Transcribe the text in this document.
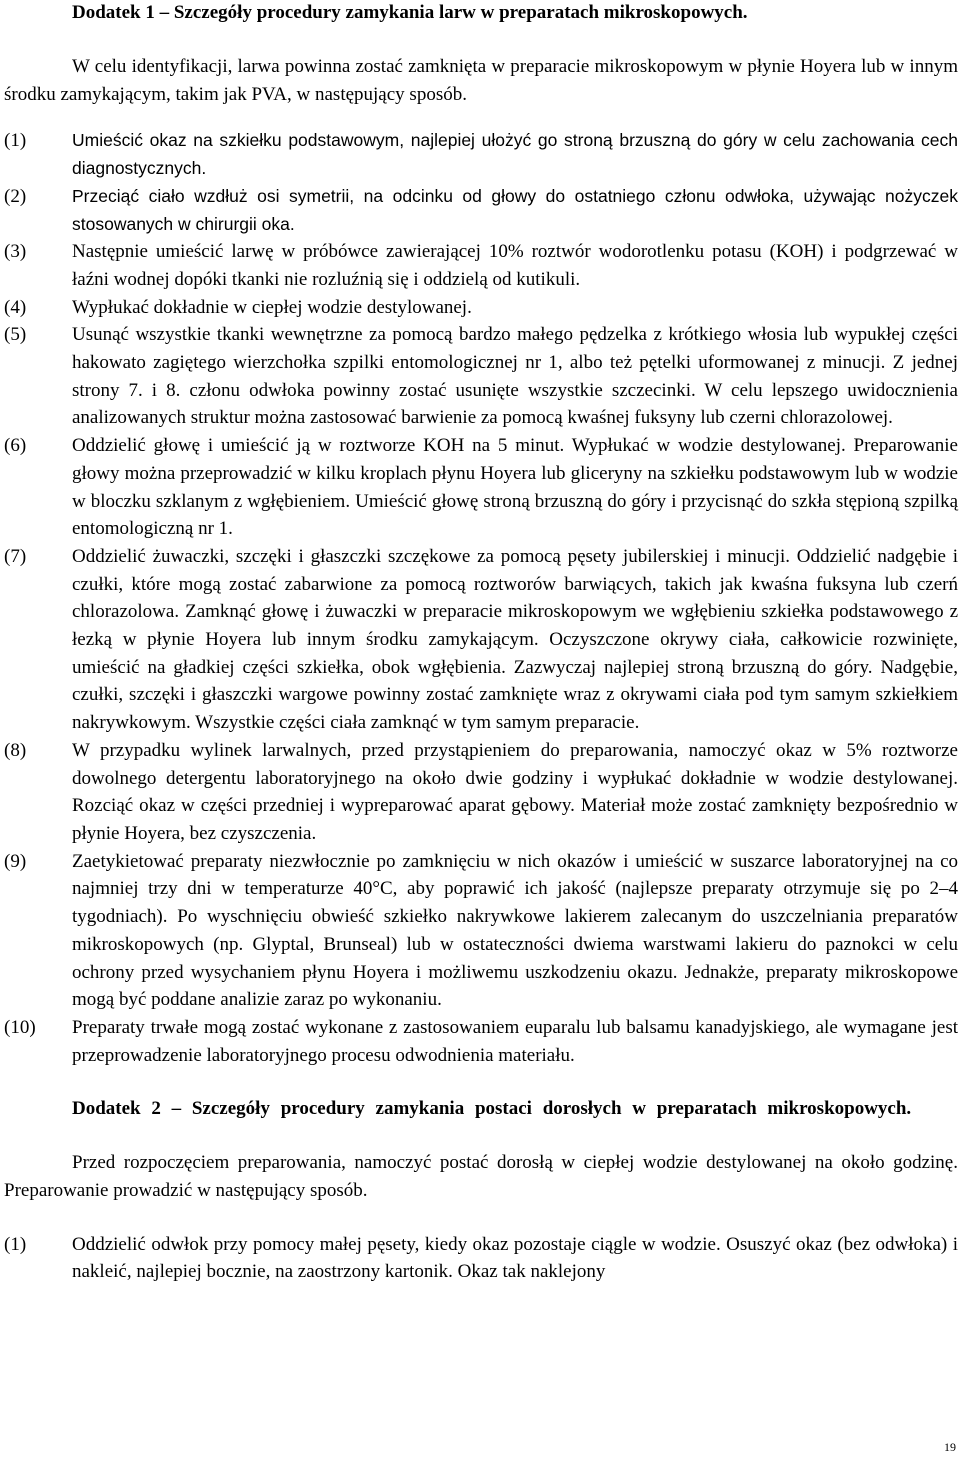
Dodatek 1 – Szczegóły procedury zamykania larw w preparatach mikroskopowych.

W celu identyfikacji, larwa powinna zostać zamknięta w preparacie mikroskopowym w płynie Hoyera lub w innym środku zamykającym, takim jak PVA, w następujący sposób.

(1)	Umieścić okaz na szkiełku podstawowym, najlepiej ułożyć go stroną brzuszną do góry w celu zachowania cech diagnostycznych.
(2)	Przeciąć ciało wzdłuż osi symetrii, na odcinku od głowy do ostatniego członu odwłoka, używając nożyczek stosowanych w chirurgii oka.
(3) Następnie umieścić larwę w próbówce zawierającej 10% roztwór wodorotlenku potasu (KOH) i podgrzewać w łaźni wodnej dopóki tkanki nie rozluźnią się i oddzielą od kutikuli.
(4) Wypłukać dokładnie w ciepłej wodzie destylowanej.
(5) Usunąć wszystkie tkanki wewnętrzne za pomocą bardzo małego pędzelka z krótkiego włosia lub wypukłej części hakowato zagiętego wierzchołka szpilki entomologicznej nr 1, albo też pętelki uformowanej z minucji. Z jednej strony 7. i 8. członu odwłoka powinny zostać usunięte wszystkie szczecinki. W celu lepszego uwidocznienia analizowanych struktur można zastosować barwienie za pomocą kwaśnej fuksyny lub czerni chlorazolowej.
(6) Oddzielić głowę i umieścić ją w roztworze KOH na 5 minut. Wypłukać w wodzie destylowanej. Preparowanie głowy można przeprowadzić w kilku kroplach płynu Hoyera lub gliceryny na szkiełku podstawowym lub w wodzie w bloczku szklanym z wgłębieniem. Umieścić głowę stroną brzuszną do góry i przycisnąć do szkła stępioną szpilką entomologiczną nr 1.
(7) Oddzielić żuwaczki, szczęki i głaszczki szczękowe za pomocą pęsety jubilerskiej i minucji. Oddzielić nadgębie i czułki, które mogą zostać zabarwione za pomocą roztworów barwiących, takich jak kwaśna fuksyna lub czerń chlorazolowa. Zamknąć głowę i żuwaczki w preparacie mikroskopowym we wgłębieniu szkiełka podstawowego z łezką w płynie Hoyera lub innym środku zamykającym. Oczyszczone okrywy ciała, całkowicie rozwinięte, umieścić na gładkiej części szkiełka, obok wgłębienia. Zazwyczaj najlepiej stroną brzuszną do góry. Nadgębie, czułki, szczęki i głaszczki wargowe powinny zostać zamknięte wraz z okrywami ciała pod tym samym szkiełkiem nakrywkowym. Wszystkie części ciała zamknąć w tym samym preparacie.
(8) W przypadku wylinek larwalnych, przed przystąpieniem do preparowania, namoczyć okaz w 5% roztworze dowolnego detergentu laboratoryjnego na około dwie godziny i wypłukać dokładnie w wodzie destylowanej. Rozciąć okaz w części przedniej i wypreparować aparat gębowy. Materiał może zostać zamknięty bezpośrednio w płynie Hoyera, bez czyszczenia.
(9) Zaetykietować preparaty niezwłocznie po zamknięciu w nich okazów i umieścić w suszarce laboratoryjnej na co najmniej trzy dni w temperaturze 40°C, aby poprawić ich jakość (najlepsze preparaty otrzymuje się po 2–4 tygodniach). Po wyschnięciu obwieść szkiełko nakrywkowe lakierem zalecanym do uszczelniania preparatów mikroskopowych (np. Glyptal, Brunseal) lub w ostateczności dwiema warstwami lakieru do paznokci w celu ochrony przed wysychaniem płynu Hoyera i możliwemu uszkodzeniu okazu. Jednakże, preparaty mikroskopowe mogą być poddane analizie zaraz po wykonaniu.
(10) Preparaty trwałe mogą zostać wykonane z zastosowaniem euparalu lub balsamu kanadyjskiego, ale wymagane jest przeprowadzenie laboratoryjnego procesu odwodnienia materiału.

Dodatek 2 – Szczegóły procedury zamykania postaci dorosłych w preparatach mikroskopowych.

Przed rozpoczęciem preparowania, namoczyć postać dorosłą w ciepłej wodzie destylowanej na około godzinę. Preparowanie prowadzić w następujący sposób.

(1) Oddzielić odwłok przy pomocy małej pęsety, kiedy okaz pozostaje ciągle w wodzie. Osuszyć okaz (bez odwłoka) i nakleić, najlepiej bocznie, na zaostrzony kartonik. Okaz tak naklejony
19
